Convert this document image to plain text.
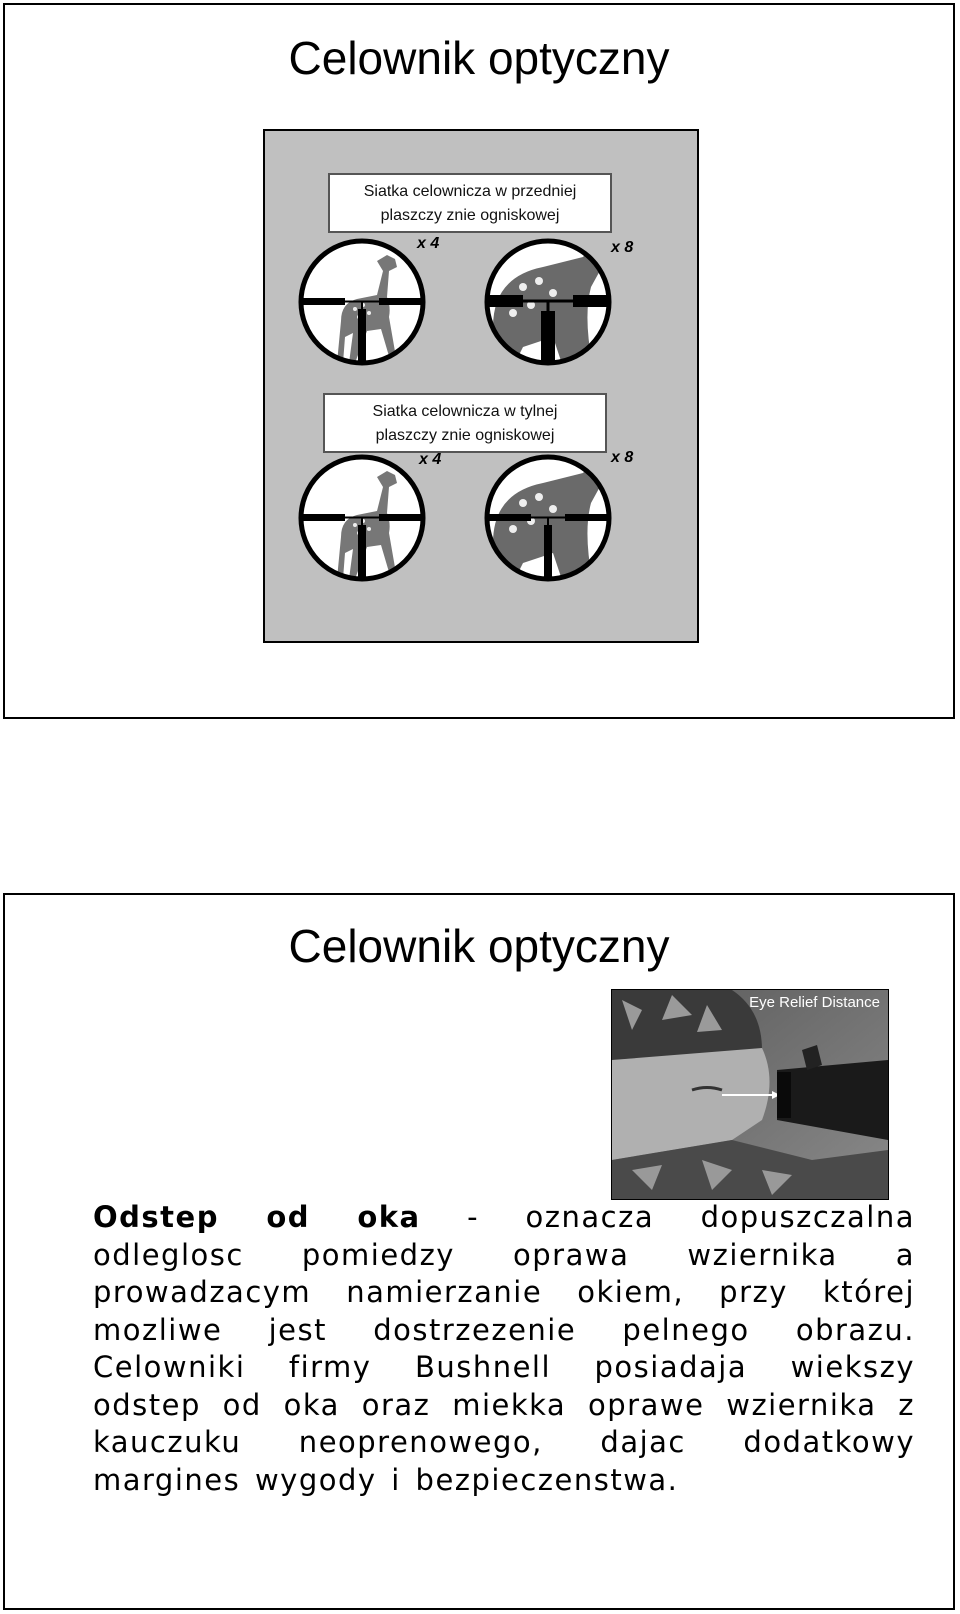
Celownik optyczny
Siatka celownicza w przedniej
plaszczy znie ogniskowej
x 4	x 8
Siatka celownicza w tylnej
plaszczy znie ogniskowej
x 4	x 8
Celownik optyczny
Eye Relief Distance
Odstep od oka - oznacza dopuszczalna odleglosc pomiedzy oprawa wziernika a prowadzacym namierzanie okiem, przy której mozliwe jest dostrzezenie pelnego obrazu. Celowniki firmy Bushnell posiadaja wiekszy odstep od oka oraz miekka oprawe wziernika z kauczuku neoprenowego, dajac dodatkowy margines wygody i bezpieczenstwa.
